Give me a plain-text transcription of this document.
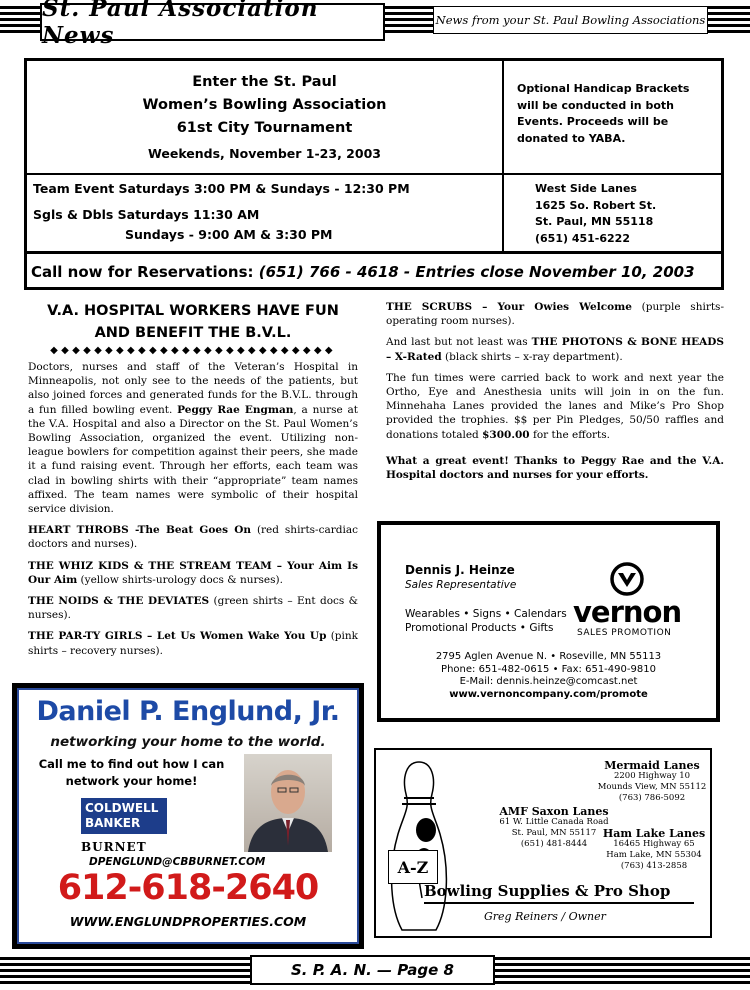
St. Paul Association News
News from your St. Paul Bowling Associations
Enter the St. Paul
Women’s Bowling Association
61st City Tournament
Weekends, November 1-23, 2003
Optional Handicap Brackets
will be conducted in both
Events. Proceeds will be
donated to YABA.
Team Event Saturdays 3:00 PM & Sundays - 12:30 PM
Sgls & Dbls Saturdays 11:30 AM
Sundays - 9:00 AM & 3:30 PM
West Side Lanes
1625 So. Robert St.
St. Paul, MN 55118
(651) 451-6222
Call now for Reservations: (651) 766 - 4618 - Entries close November 10, 2003
V.A. HOSPITAL WORKERS HAVE FUN
AND BENEFIT THE B.V.L.
◆◆◆◆◆◆◆◆◆◆◆◆◆◆◆◆◆◆◆◆◆◆◆◆◆◆

Doctors, nurses and staff of the Veteran’s Hospital in Minneapolis, not only see to the needs of the patients, but also joined forces and generated funds for the B.V.L. through a fun filled bowling event. Peggy Rae Engman, a nurse at the V.A. Hospital and also a Director on the St. Paul Women’s Bowling Association, organized the event. Utilizing non-league bowlers for competition against their peers, she made it a fund raising event. Through her efforts, each team was clad in bowling shirts with their “appropriate” team names affixed. The team names were symbolic of their hospital service division.

HEART THROBS -The Beat Goes On (red shirts-cardiac doctors and nurses).

THE WHIZ KIDS & THE STREAM TEAM – Your Aim Is Our Aim (yellow shirts-urology docs & nurses).

THE NOIDS & THE DEVIATES (green shirts – Ent docs & nurses).

THE PAR-TY GIRLS – Let Us Women Wake You Up (pink shirts – recovery nurses).

THE SCRUBS – Your Owies Welcome (purple shirts-operating room nurses).

And last but not least was THE PHOTONS & BONE HEADS – X-Rated (black shirts – x-ray department).

The fun times were carried back to work and next year the Ortho, Eye and Anesthesia units will join in on the fun. Minnehaha Lanes provided the lanes and Mike’s Pro Shop provided the trophies. $$ per Pin Pledges, 50/50 raffles and donations totaled $300.00 for the efforts.

What a great event! Thanks to Peggy Rae and the V.A. Hospital doctors and nurses for your efforts.

Daniel P. Englund, Jr.
networking your home to the world.
Call me to find out how I can
network your home!
COLDWELL
BANKER
BURNET
DPENGLUND@CBBURNET.COM
612-618-2640
WWW.ENGLUNDPROPERTIES.COM
Dennis J. Heinze
Sales Representative
Wearables • Signs • Calendars
Promotional Products • Gifts vernon
SALES PROMOTION
2795 Aglen Avenue N. • Roseville, MN 55113
Phone: 651-482-0615 • Fax: 651-490-9810
E-Mail: dennis.heinze@comcast.net
www.vernoncompany.com/promote
A-Z
Mermaid Lanes
2200 Highway 10
Mounds View, MN 55112
(763) 786-5092
AMF Saxon Lanes
61 W. Little Canada Road
St. Paul, MN 55117
(651) 481-8444
Ham Lake Lanes
16465 Highway 65
Ham Lake, MN 55304
(763) 413-2858
Bowling Supplies & Pro Shop
Greg Reiners / Owner
S. P. A. N. — Page 8
